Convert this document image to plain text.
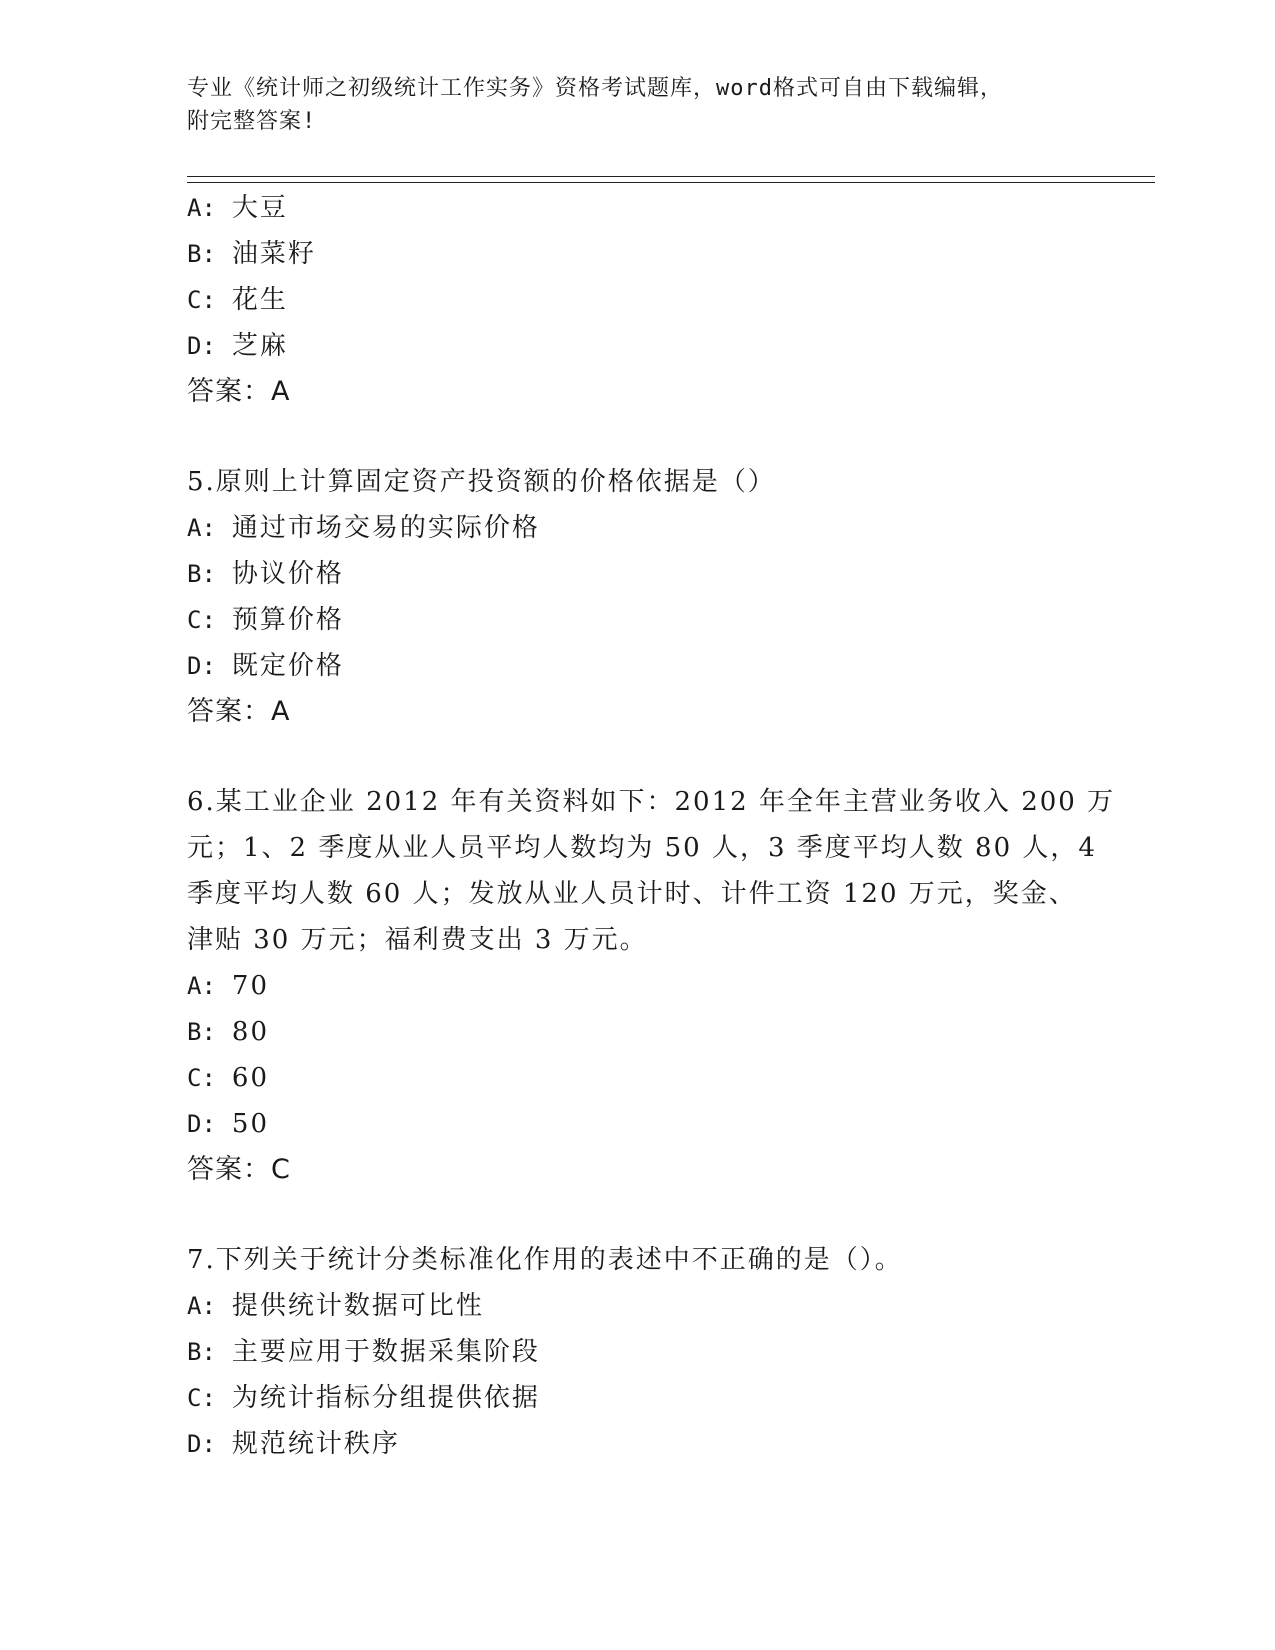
专业《统计师之初级统计工作实务》资格考试题库，word格式可自由下载编辑，
附完整答案!
A: 大豆
B: 油菜籽
C: 花生
D: 芝麻
答案：A
5.原则上计算固定资产投资额的价格依据是（）
A: 通过市场交易的实际价格
B: 协议价格
C: 预算价格
D: 既定价格
答案：A
6.某工业企业 2012 年有关资料如下：2012 年全年主营业务收入 200 万
元；1、2 季度从业人员平均人数均为 50 人，3 季度平均人数 80 人，4
季度平均人数 60 人；发放从业人员计时、计件工资 120 万元，奖金、
津贴 30 万元；福利费支出 3 万元。
A: 70
B: 80
C: 60
D: 50
答案：C
7.下列关于统计分类标准化作用的表述中不正确的是（）。
A: 提供统计数据可比性
B: 主要应用于数据采集阶段
C: 为统计指标分组提供依据
D: 规范统计秩序
